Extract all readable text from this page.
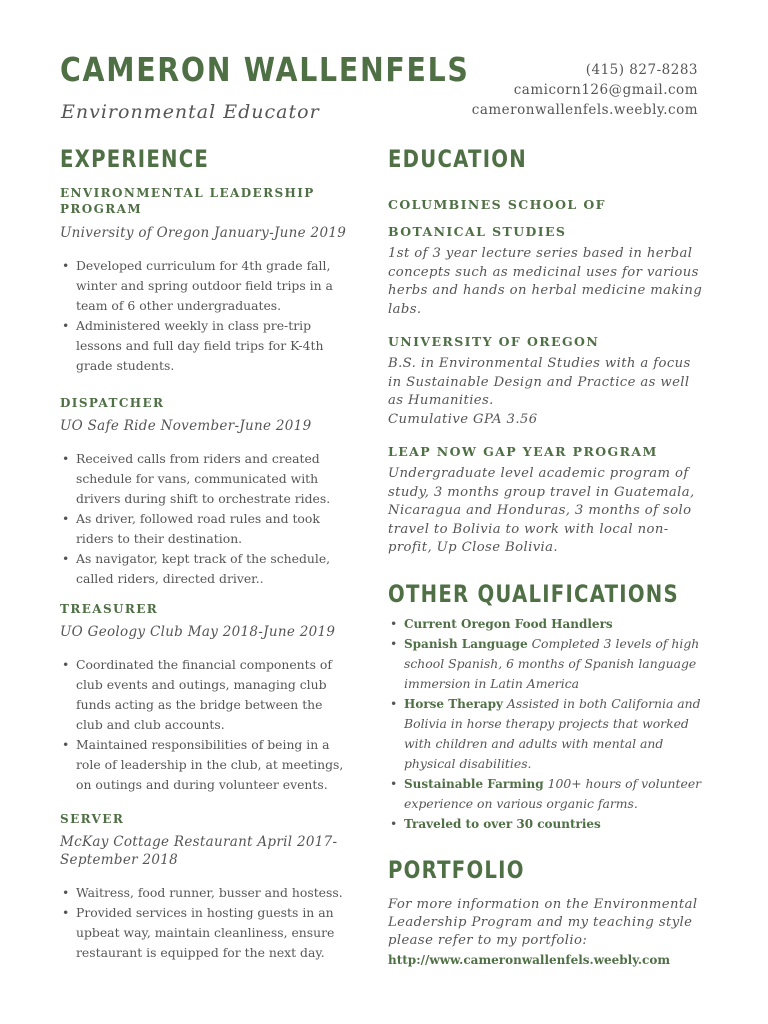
CAMERON WALLENFELS
Environmental Educator
(415) 827-8283
camicorn126@gmail.com
cameronwallenfels.weebly.com
EXPERIENCE
ENVIRONMENTAL LEADERSHIP
PROGRAM
University of Oregon January-June 2019
• Developed curriculum for 4th grade fall, winter and spring outdoor field trips in a team of 6 other undergraduates.
• Administered weekly in class pre-trip lessons and full day field trips for K-4th grade students.
DISPATCHER
UO Safe Ride November-June 2019
• Received calls from riders and created schedule for vans, communicated with drivers during shift to orchestrate rides.
• As driver, followed road rules and took riders to their destination.
• As navigator, kept track of the schedule, called riders, directed driver..
TREASURER
UO Geology Club May 2018-June 2019
• Coordinated the financial components of club events and outings, managing club funds acting as the bridge between the club and club accounts.
• Maintained responsibilities of being in a role of leadership in the club, at meetings, on outings and during volunteer events.
SERVER
McKay Cottage Restaurant April 2017-
September 2018
• Waitress, food runner, busser and hostess.
• Provided services in hosting guests in an upbeat way, maintain cleanliness, ensure restaurant is equipped for the next day.
EDUCATION
COLUMBINES SCHOOL OF
BOTANICAL STUDIES
1st of 3 year lecture series based in herbal concepts such as medicinal uses for various herbs and hands on herbal medicine making labs.
UNIVERSITY OF OREGON
B.S. in Environmental Studies with a focus in Sustainable Design and Practice as well as Humanities.
Cumulative GPA 3.56
LEAP NOW GAP YEAR PROGRAM
Undergraduate level academic program of study, 3 months group travel in Guatemala, Nicaragua and Honduras, 3 months of solo travel to Bolivia to work with local non-profit, Up Close Bolivia.
OTHER QUALIFICATIONS
• Current Oregon Food Handlers
• Spanish Language Completed 3 levels of high school Spanish, 6 months of Spanish language immersion in Latin America
• Horse Therapy Assisted in both California and Bolivia in horse therapy projects that worked with children and adults with mental and physical disabilities.
• Sustainable Farming 100+ hours of volunteer experience on various organic farms.
• Traveled to over 30 countries
PORTFOLIO
For more information on the Environmental Leadership Program and my teaching style please refer to my portfolio:
http://www.cameronwallenfels.weebly.com
